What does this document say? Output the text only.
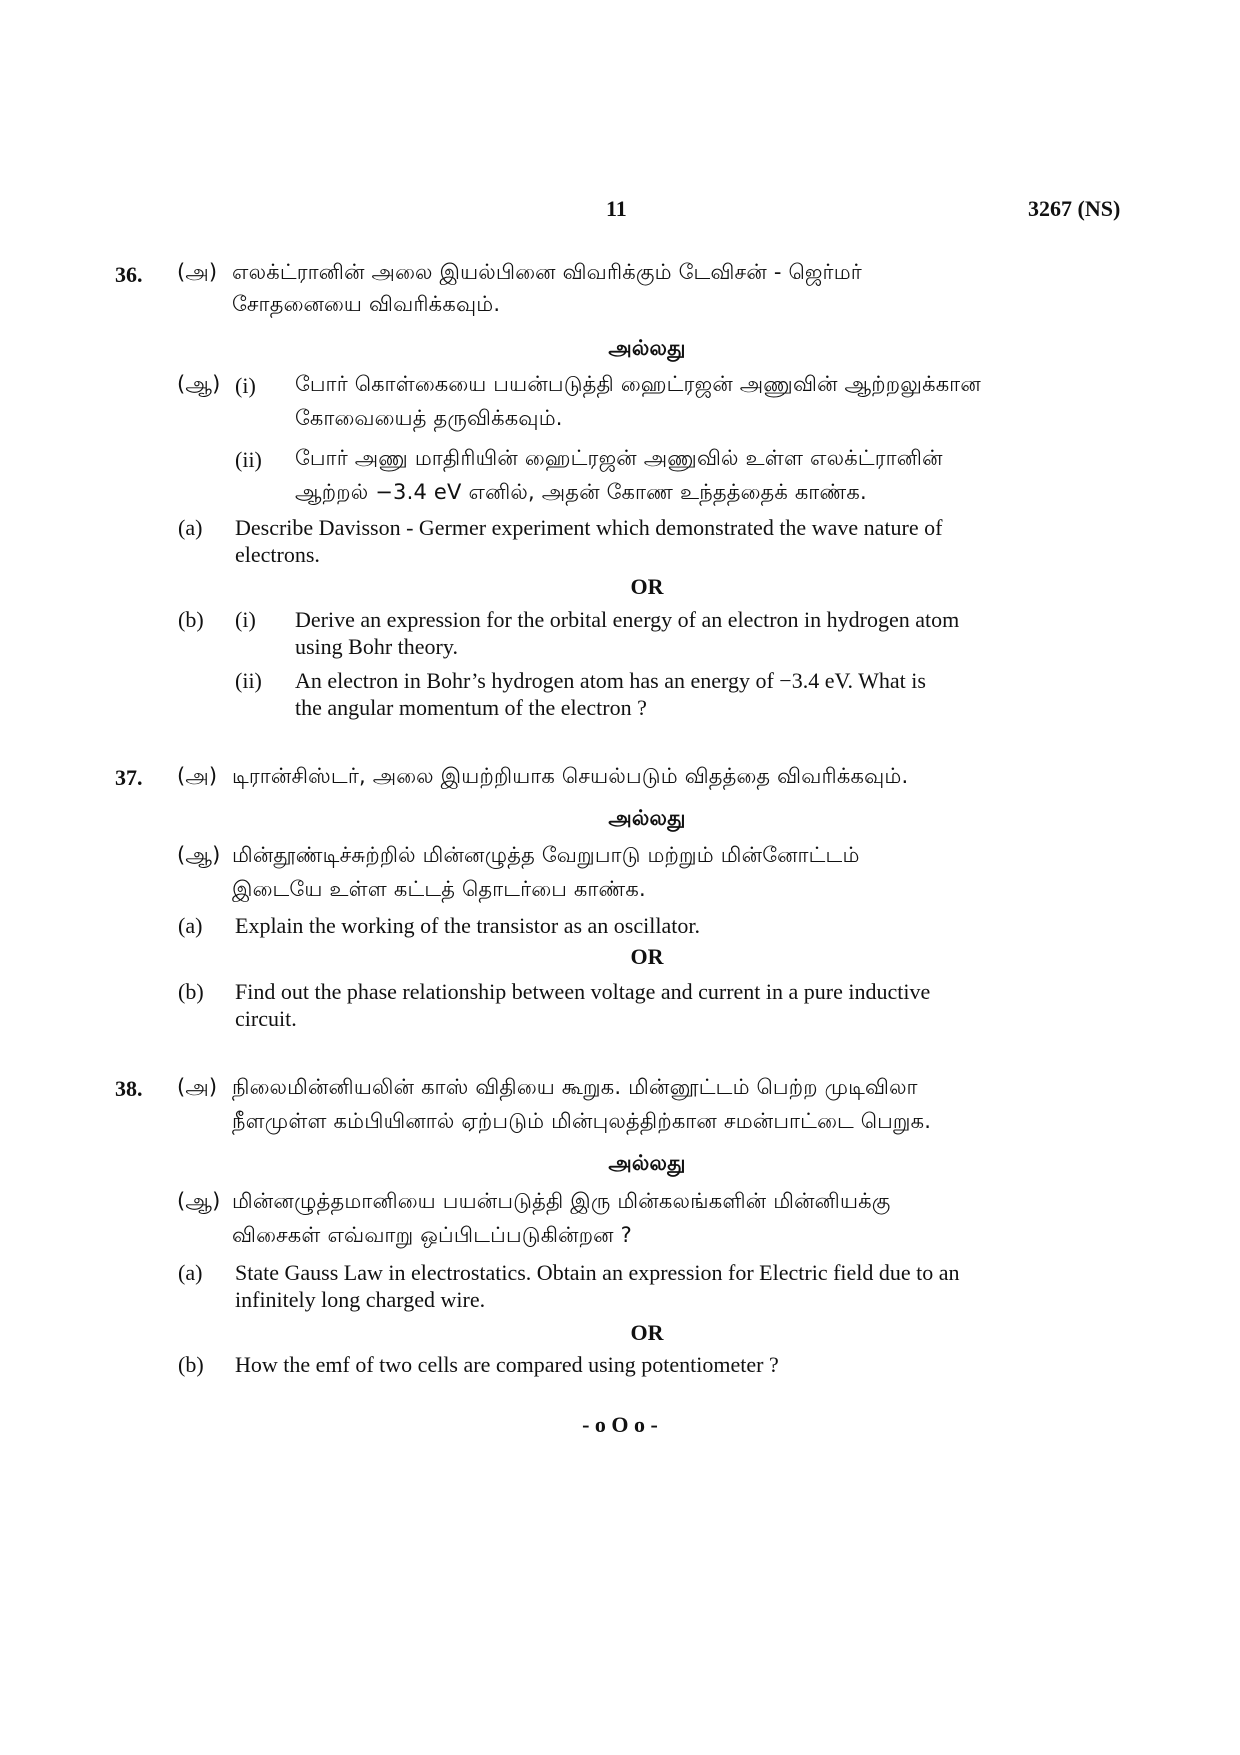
11	3267 (NS)
36. (அ) எலக்ட்ரானின் அலை இயல்பினை விவரிக்கும் டேவிசன் - ஜெர்மர்
சோதனையை விவரிக்கவும்.
அல்லது
(ஆ) (i) போர் கொள்கையை பயன்படுத்தி ஹைட்ரஜன் அணுவின் ஆற்றலுக்கான
கோவையைத் தருவிக்கவும்.
(ii) போர் அணு மாதிரியின் ஹைட்ரஜன் அணுவில் உள்ள எலக்ட்ரானின்
ஆற்றல் −3.4 eV எனில், அதன் கோண உந்தத்தைக் காண்க.
(a) Describe Davisson - Germer experiment which demonstrated the wave nature of
electrons.
OR
(b) (i) Derive an expression for the orbital energy of an electron in hydrogen atom
using Bohr theory.
(ii) An electron in Bohr’s hydrogen atom has an energy of −3.4 eV. What is
the angular momentum of the electron ?
37. (அ) டிரான்சிஸ்டர், அலை இயற்றியாக செயல்படும் விதத்தை விவரிக்கவும்.
அல்லது
(ஆ) மின்தூண்டிச்சுற்றில் மின்னழுத்த வேறுபாடு மற்றும் மின்னோட்டம்
இடையே உள்ள கட்டத் தொடர்பை காண்க.
(a) Explain the working of the transistor as an oscillator.
OR
(b) Find out the phase relationship between voltage and current in a pure inductive
circuit.
38. (அ) நிலைமின்னியலின் காஸ் விதியை கூறுக. மின்னூட்டம் பெற்ற முடிவிலா
நீளமுள்ள கம்பியினால் ஏற்படும் மின்புலத்திற்கான சமன்பாட்டை பெறுக.
அல்லது
(ஆ) மின்னழுத்தமானியை பயன்படுத்தி இரு மின்கலங்களின் மின்னியக்கு
விசைகள் எவ்வாறு ஒப்பிடப்படுகின்றன ?
(a) State Gauss Law in electrostatics. Obtain an expression for Electric field due to an
infinitely long charged wire.
OR
(b) How the emf of two cells are compared using potentiometer ?
- o O o -
